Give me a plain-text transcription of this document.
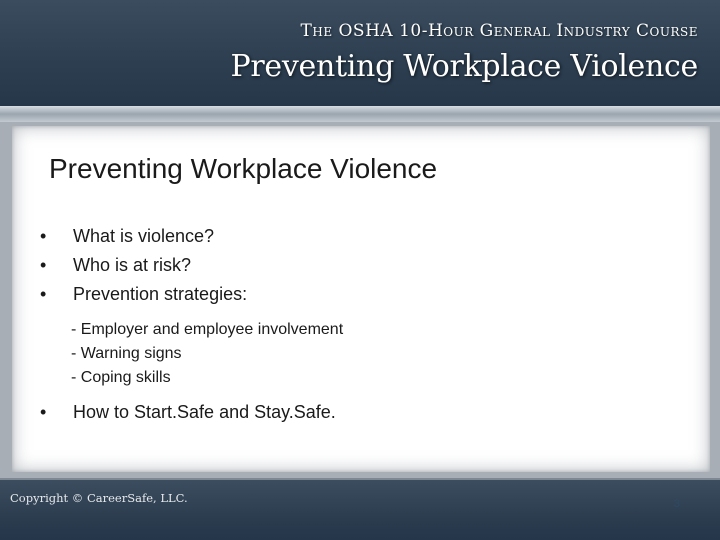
The OSHA 10-Hour General Industry Course
Preventing Workplace Violence
Preventing Workplace Violence
• What is violence?
• Who is at risk?
• Prevention strategies:
- Employer and employee involvement
- Warning signs
- Coping skills
• How to Start.Safe and Stay.Safe.
Copyright © CareerSafe, LLC.	3
